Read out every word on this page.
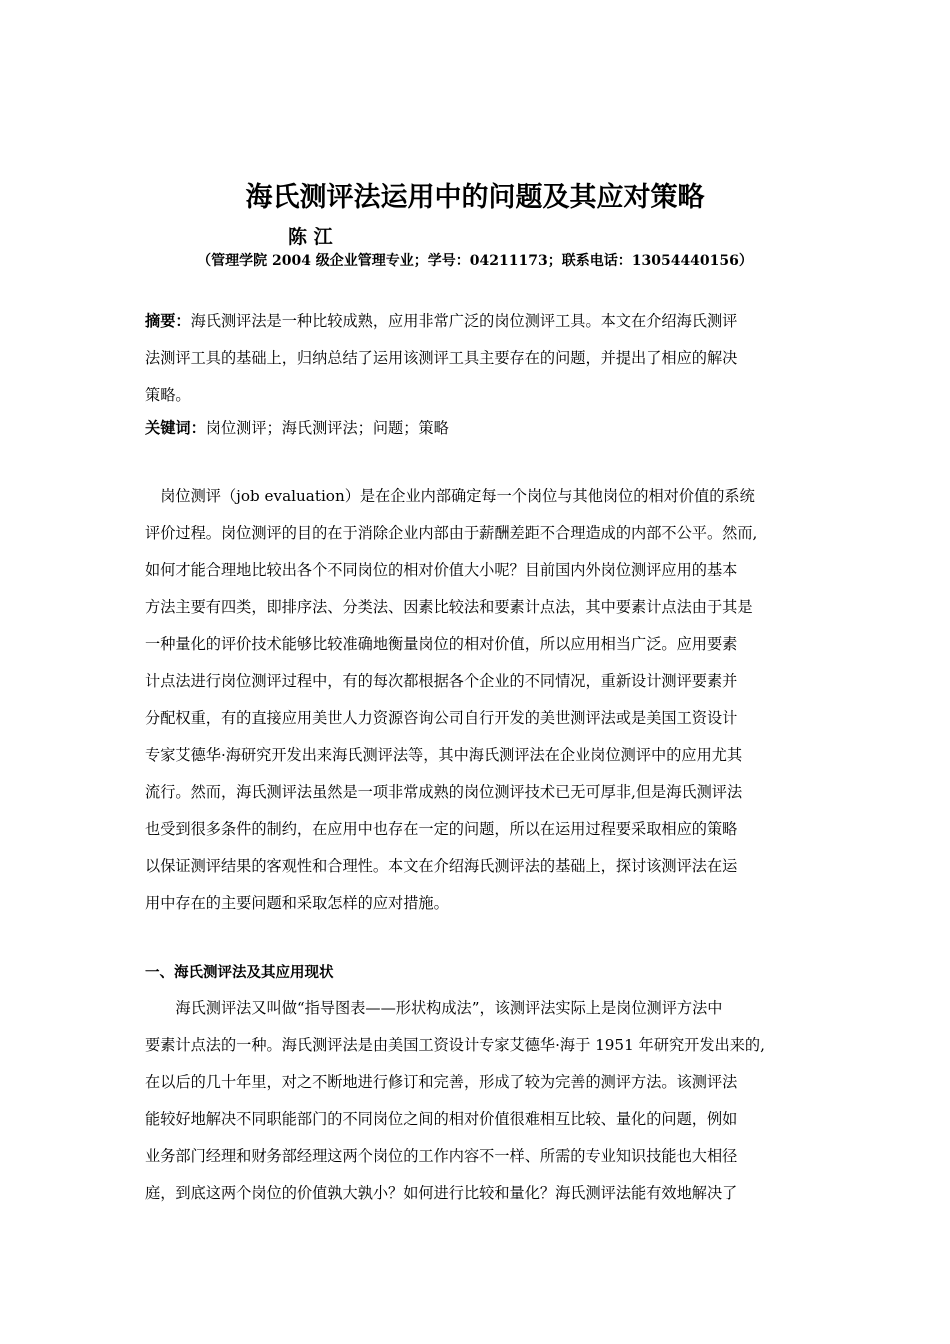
海氏测评法运用中的问题及其应对策略
陈 江
（管理学院 2004 级企业管理专业；学号：04211173；联系电话：13054440156）
摘要：海氏测评法是一种比较成熟，应用非常广泛的岗位测评工具。本文在介绍海氏测评
法测评工具的基础上，归纳总结了运用该测评工具主要存在的问题，并提出了相应的解决
策略。
关键词：岗位测评；海氏测评法；问题；策略
　岗位测评（job evaluation）是在企业内部确定每一个岗位与其他岗位的相对价值的系统
评价过程。岗位测评的目的在于消除企业内部由于薪酬差距不合理造成的内部不公平。然而,
如何才能合理地比较出各个不同岗位的相对价值大小呢？目前国内外岗位测评应用的基本
方法主要有四类，即排序法、分类法、因素比较法和要素计点法，其中要素计点法由于其是
一种量化的评价技术能够比较准确地衡量岗位的相对价值，所以应用相当广泛。应用要素
计点法进行岗位测评过程中，有的每次都根据各个企业的不同情况，重新设计测评要素并
分配权重，有的直接应用美世人力资源咨询公司自行开发的美世测评法或是美国工资设计
专家艾德华·海研究开发出来海氏测评法等，其中海氏测评法在企业岗位测评中的应用尤其
流行。然而，海氏测评法虽然是一项非常成熟的岗位测评技术已无可厚非,但是海氏测评法
也受到很多条件的制约，在应用中也存在一定的问题，所以在运用过程要采取相应的策略
以保证测评结果的客观性和合理性。本文在介绍海氏测评法的基础上，探讨该测评法在运
用中存在的主要问题和采取怎样的应对措施。
一、海氏测评法及其应用现状
　　海氏测评法又叫做“指导图表——形状构成法”，该测评法实际上是岗位测评方法中
要素计点法的一种。海氏测评法是由美国工资设计专家艾德华·海于 1951 年研究开发出来的,
在以后的几十年里，对之不断地进行修订和完善，形成了较为完善的测评方法。该测评法
能较好地解决不同职能部门的不同岗位之间的相对价值很难相互比较、量化的问题，例如
业务部门经理和财务部经理这两个岗位的工作内容不一样、所需的专业知识技能也大相径
庭，到底这两个岗位的价值孰大孰小？如何进行比较和量化？海氏测评法能有效地解决了
